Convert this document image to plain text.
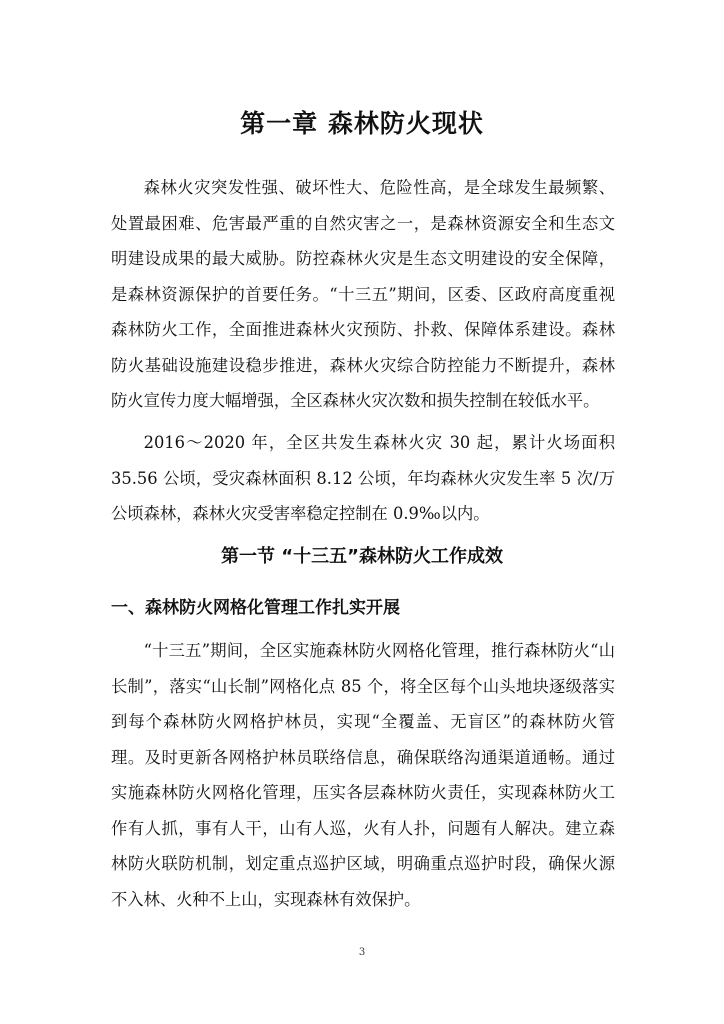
第一章 森林防火现状

森林火灾突发性强、破坏性大、危险性高，是全球发生最频繁、处置最困难、危害最严重的自然灾害之一，是森林资源安全和生态文明建设成果的最大威胁。防控森林火灾是生态文明建设的安全保障，是森林资源保护的首要任务。“十三五”期间，区委、区政府高度重视森林防火工作，全面推进森林火灾预防、扑救、保障体系建设。森林防火基础设施建设稳步推进，森林火灾综合防控能力不断提升，森林防火宣传力度大幅增强，全区森林火灾次数和损失控制在较低水平。

2016～2020 年，全区共发生森林火灾 30 起，累计火场面积 35.56 公顷，受灾森林面积 8.12 公顷，年均森林火灾发生率 5 次/万公顷森林，森林火灾受害率稳定控制在 0.9‰以内。

第一节 “十三五”森林防火工作成效
一、森林防火网格化管理工作扎实开展

“十三五”期间，全区实施森林防火网格化管理，推行森林防火“山长制”，落实“山长制”网格化点 85 个，将全区每个山头地块逐级落实到每个森林防火网格护林员，实现“全覆盖、无盲区”的森林防火管理。及时更新各网格护林员联络信息，确保联络沟通渠道通畅。通过实施森林防火网格化管理，压实各层森林防火责任，实现森林防火工作有人抓，事有人干，山有人巡，火有人扑，问题有人解决。建立森林防火联防机制，划定重点巡护区域，明确重点巡护时段，确保火源不入林、火种不上山，实现森林有效保护。

3
